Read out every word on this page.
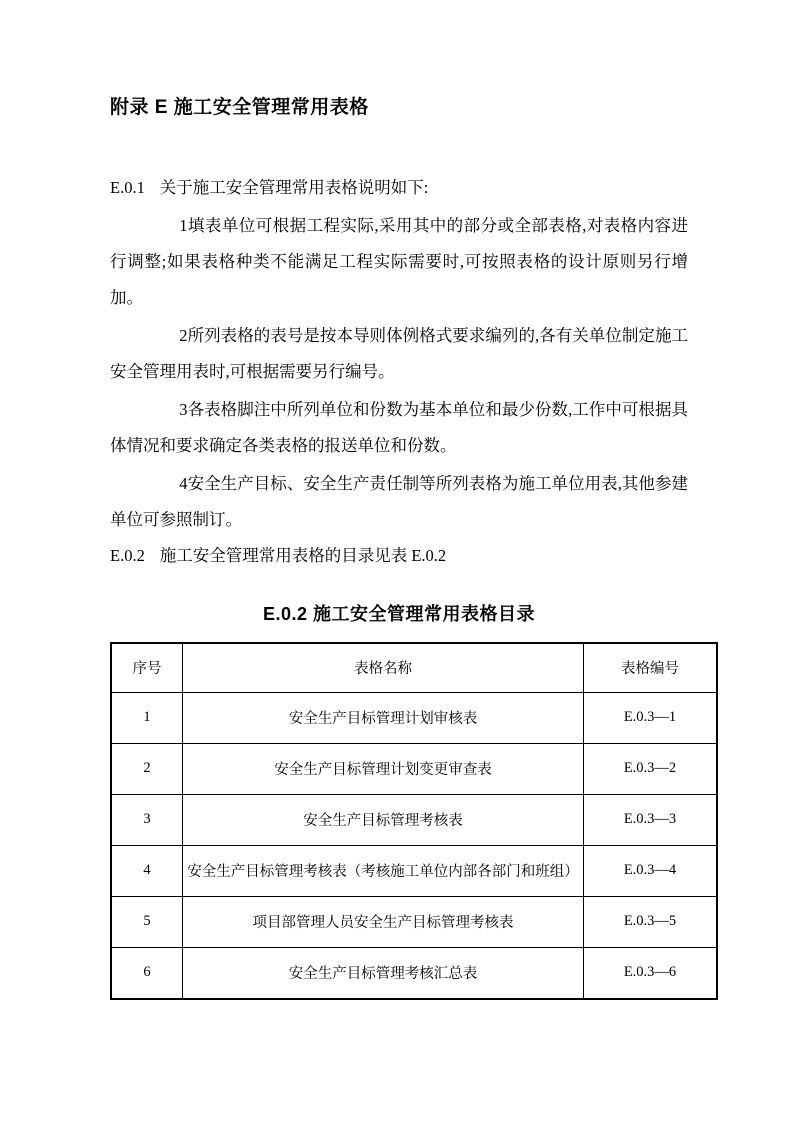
附录 E 施工安全管理常用表格

E.0.1 关于施工安全管理常用表格说明如下:

1填表单位可根据工程实际,采用其中的部分或全部表格,对表格内容进行调整;如果表格种类不能满足工程实际需要时,可按照表格的设计原则另行增加。

2所列表格的表号是按本导则体例格式要求编列的,各有关单位制定施工安全管理用表时,可根据需要另行编号。

3各表格脚注中所列单位和份数为基本单位和最少份数,工作中可根据具体情况和要求确定各类表格的报送单位和份数。

4安全生产目标、安全生产责任制等所列表格为施工单位用表,其他参建单位可参照制订。

E.0.2 施工安全管理常用表格的目录见表 E.0.2

E.0.2 施工安全管理常用表格目录
序号	表格名称	表格编号
1	安全生产目标管理计划审核表	E.0.3—1
2	安全生产目标管理计划变更审查表	E.0.3—2
3	安全生产目标管理考核表	E.0.3—3
4	安全生产目标管理考核表（考核施工单位内部各部门和班组）	E.0.3—4
5	项目部管理人员安全生产目标管理考核表	E.0.3—5
6	安全生产目标管理考核汇总表	E.0.3—6
